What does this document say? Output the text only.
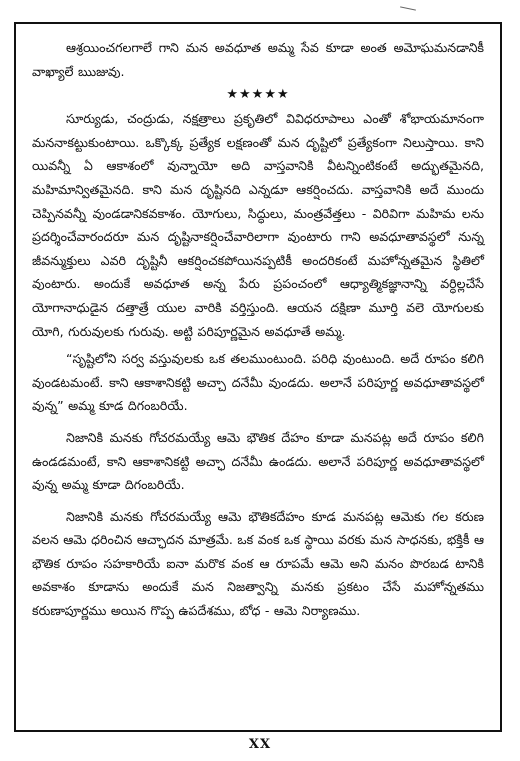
ఆశ్రయించగలగాలే గాని మన అవధూత అమ్మ సేవ కూడా అంత అమోఘమనడానికీ వాఖ్యాలే ఋజువు.

★★★★★

సూర్యుడు, చంద్రుడు, నక్షత్రాలు ప్రకృతిలో వివిధరూపాలు ఎంతో శోభాయమానంగా మననాకట్టుకుంటాయి. ఒక్కొక్క ప్రత్యేక లక్షణంతో మన దృష్టిలో ప్రత్యేకంగా నిలుస్తాయి. కాని యివన్నీ ఏ ఆకాశంలో వున్నాయో అది వాస్తవానికి వీటన్నింటికంటే అద్భుతమైనది, మహిమాన్వితమైనది. కాని మన దృష్టినది ఎన్నడూ ఆకర్షించదు. వాస్తవానికి అదే ముందు చెప్పినవన్నీ వుండడానికవకాశం. యోగులు, సిద్ధులు, మంత్రవేత్తలు - విరివిగా మహిమ లను ప్రదర్శించేవారందరూ మన దృష్టినాకర్షించేవారిలాగా వుంటారు గాని అవధూతావస్థలో నున్న జీవన్ముక్తులు ఎవరి దృష్టినీ ఆకర్షించకపోయినప్పటికీ అందరికంటే మహోన్నతమైన స్థితిలో వుంటారు. అందుకే అవధూత అన్న పేరు ప్రపంచంలో ఆధ్యాత్మికజ్ఞానాన్ని వర్ధిల్లచేసే యోగానాధుడైన దత్తాత్రే యుల వారికి వర్తిస్తుంది. ఆయన దక్షిణా మూర్తి వలె యోగులకు యోగి, గురువులకు గురువు. అట్టి పరిపూర్ణమైన అవధూతే అమ్మ.

“సృష్టిలోని సర్వ వస్తువులకు ఒక తలముంటుంది. పరిధి వుంటుంది. అదే రూపం కలిగి వుండటమంటే. కాని ఆకాశానికట్టి అచ్చా దనేమీ వుండదు. అలానే పరిపూర్ణ అవధూతావస్థలో వున్న” అమ్మ కూడ దిగంబరియే.

నిజానికి మనకు గోచరమయ్యే ఆమె భౌతిక దేహం కూడా మనపట్ల అదే రూపం కలిగి ఉండడమంటే, కాని ఆకాశానికట్టి అచ్ఛా దనేమీ ఉండదు. అలానే పరిపూర్ణ అవధూతావస్థలో వున్న అమ్మ కూడా దిగంబరియే.

నిజానికి మనకు గోచరమయ్యే ఆమె భౌతికదేహం కూడ మనపట్ల ఆమెకు గల కరుణ వలన ఆమె ధరించిన ఆచ్ఛాదన మాత్రమే. ఒక వంక ఒక స్థాయి వరకు మన సాధనకు, భక్తికీ ఆ భౌతిక రూపం సహకారియే ఐనా మరొక వంక ఆ రూపమే ఆమె అని మనం పొరబడ టానికి అవకాశం కూడాను అందుకే మన నిజత్వాన్ని మనకు ప్రకటం చేసే మహోన్నతము కరుణాపూర్ణము అయిన గొప్ప ఉపదేశము, బోధ - ఆమె నిర్యాణము.

XX
